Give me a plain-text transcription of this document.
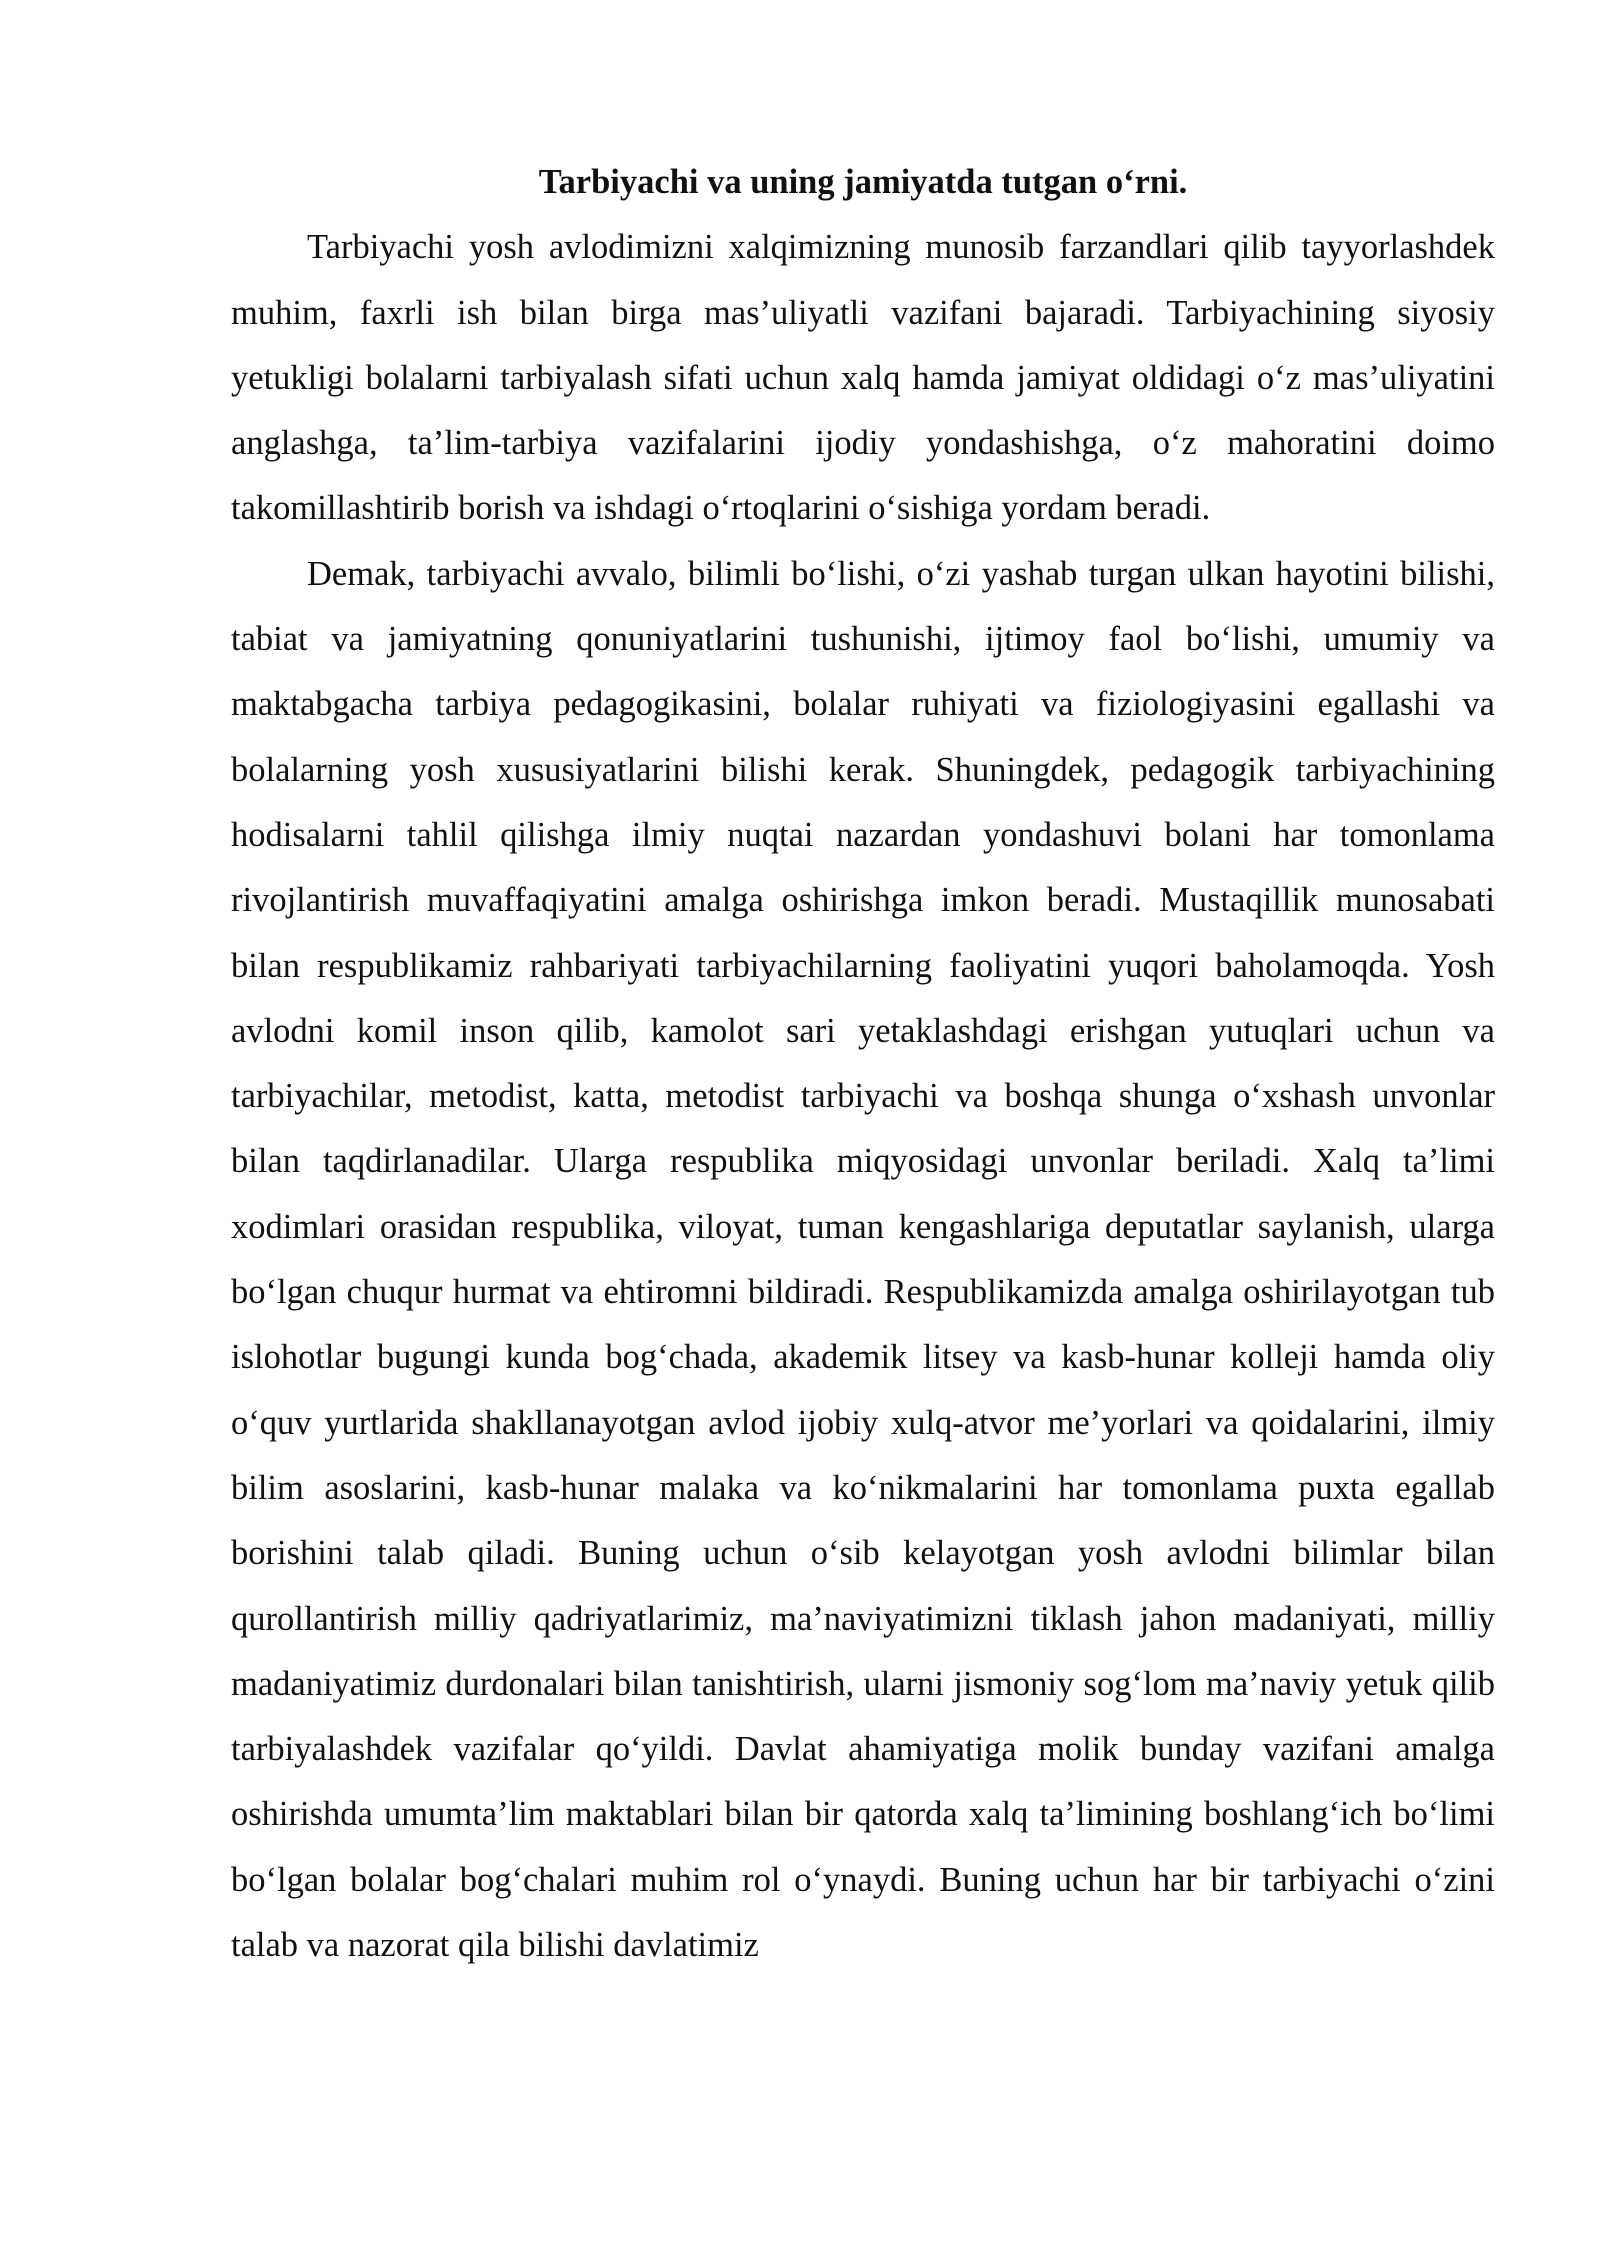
Tarbiyachi va uning jamiyatda tutgan o‘rni.

Tarbiyachi yosh avlodimizni xalqimizning munosib farzandlari qilib tayyorlashdek muhim, faxrli ish bilan birga mas’uliyatli vazifani bajaradi. Tarbiyachining siyosiy yetukligi bolalarni tarbiyalash sifati uchun xalq hamda jamiyat oldidagi o‘z mas’uliyatini anglashga, ta’lim-tarbiya vazifalarini ijodiy yondashishga, o‘z mahoratini doimo takomillashtirib borish va ishdagi o‘rtoqlarini o‘sishiga yordam beradi.

Demak, tarbiyachi avvalo, bilimli bo‘lishi, o‘zi yashab turgan ulkan hayotini bilishi, tabiat va jamiyatning qonuniyatlarini tushunishi, ijtimoy faol bo‘lishi, umumiy va maktabgacha tarbiya pedagogikasini, bolalar ruhiyati va fiziologiyasini egallashi va bolalarning yosh xususiyatlarini bilishi kerak. Shuningdek, pedagogik tarbiyachining hodisalarni tahlil qilishga ilmiy nuqtai nazardan yondashuvi bolani har tomonlama rivojlantirish muvaffaqiyatini amalga oshirishga imkon beradi. Mustaqillik munosabati bilan respublikamiz rahbariyati tarbiyachilarning faoliyatini yuqori baholamoqda. Yosh avlodni komil inson qilib, kamolot sari yetaklashdagi erishgan yutuqlari uchun va tarbiyachilar, metodist, katta, metodist tarbiyachi va boshqa shunga o‘xshash unvonlar bilan taqdirlanadilar. Ularga respublika miqyosidagi unvonlar beriladi. Xalq ta’limi xodimlari orasidan respublika, viloyat, tuman kengashlariga deputatlar saylanish, ularga bo‘lgan chuqur hurmat va ehtiromni bildiradi. Respublikamizda amalga oshirilayotgan tub islohotlar bugungi kunda bog‘chada, akademik litsey va kasb-hunar kolleji hamda oliy o‘quv yurtlarida shakllanayotgan avlod ijobiy xulq-atvor me’yorlari va qoidalarini, ilmiy bilim asoslarini, kasb-hunar malaka va ko‘nikmalarini har tomonlama puxta egallab borishini talab qiladi. Buning uchun o‘sib kelayotgan yosh avlodni bilimlar bilan qurollantirish milliy qadriyatlarimiz, ma’naviyatimizni tiklash jahon madaniyati, milliy madaniyatimiz durdonalari bilan tanishtirish, ularni jismoniy sog‘lom ma’naviy yetuk qilib tarbiyalashdek vazifalar qo‘yildi. Davlat ahamiyatiga molik bunday vazifani amalga oshirishda umumta’lim maktablari bilan bir qatorda xalq ta’limining boshlang‘ich bo‘limi bo‘lgan bolalar bog‘chalari muhim rol o‘ynaydi. Buning uchun har bir tarbiyachi o‘zini talab va nazorat qila bilishi davlatimiz
